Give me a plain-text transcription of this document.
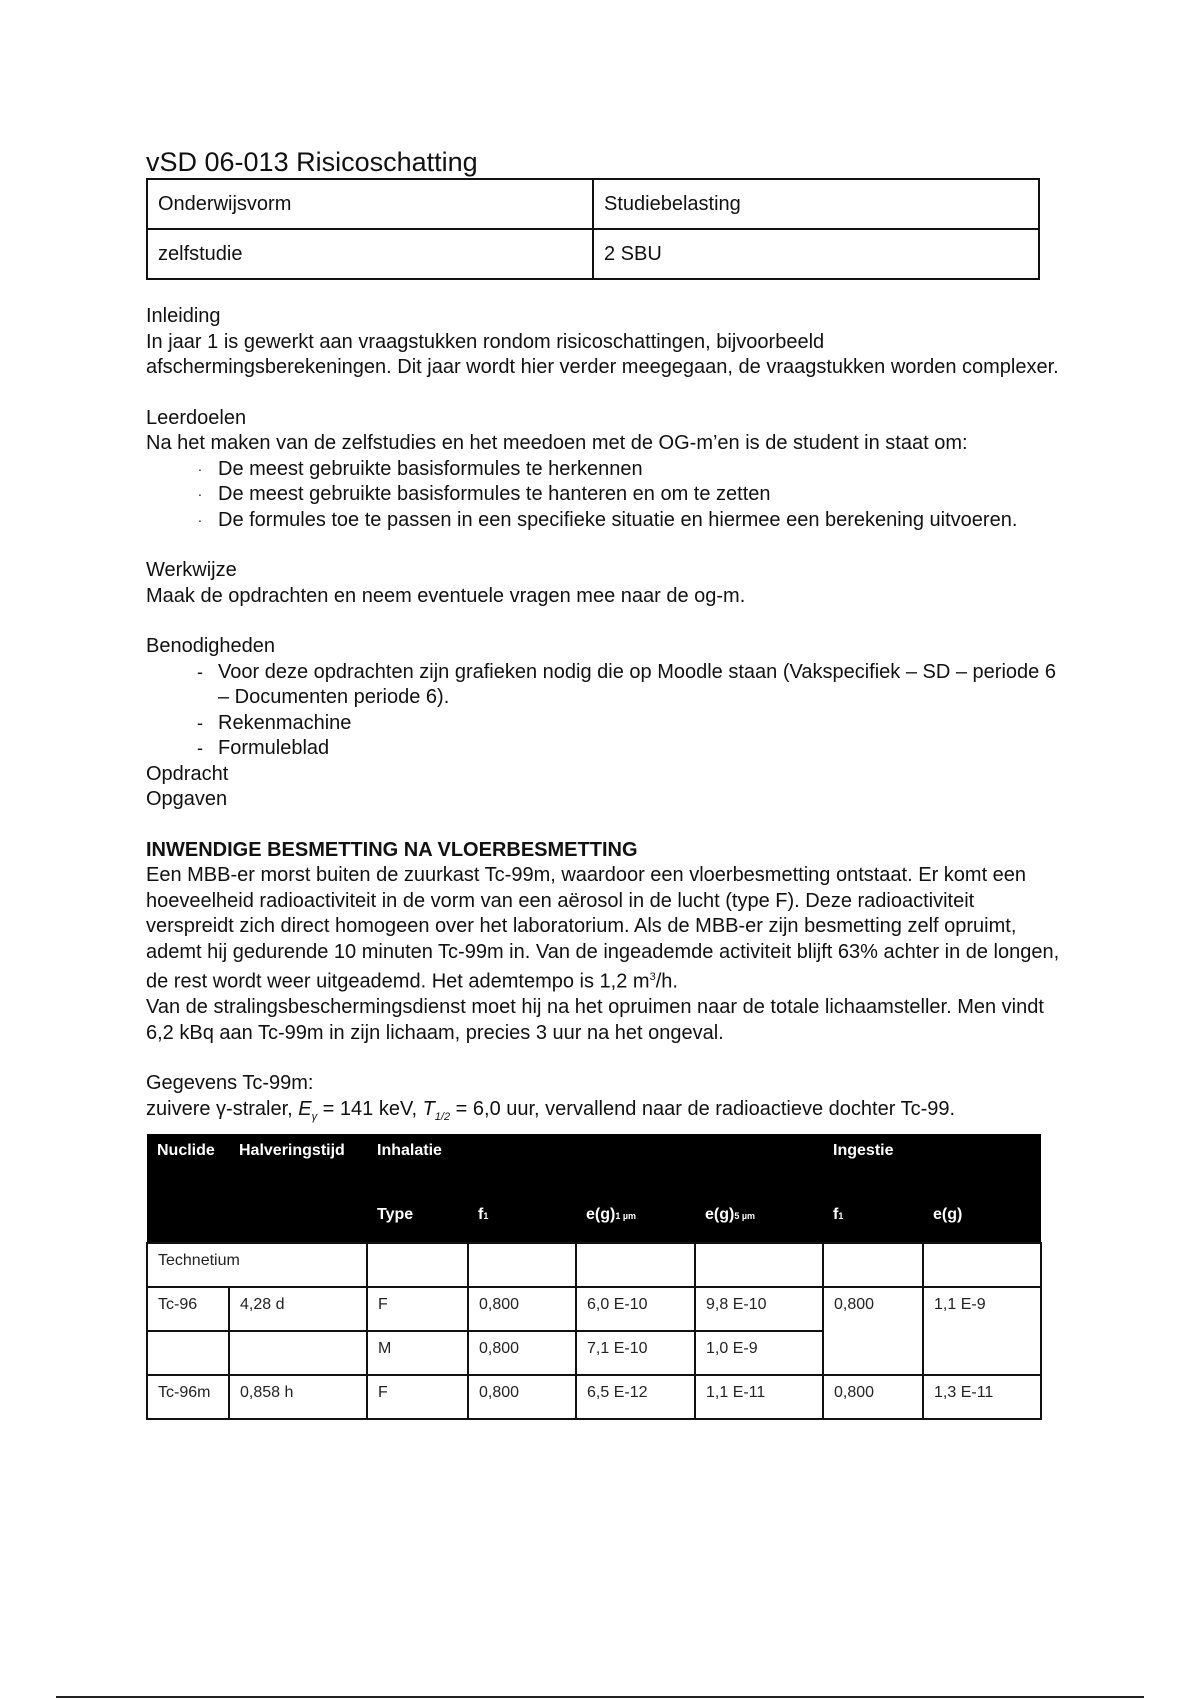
vSD 06-013 Risicoschatting
Onderwijsvorm	Studiebelasting
zelfstudie	2 SBU

Inleiding

In jaar 1 is gewerkt aan vraagstukken rondom risicoschattingen, bijvoorbeeld afschermingsberekeningen. Dit jaar wordt hier verder meegegaan, de vraagstukken worden complexer.

Leerdoelen

Na het maken van de zelfstudies en het meedoen met de OG-m’en is de student in staat om:

· De meest gebruikte basisformules te herkennen
· De meest gebruikte basisformules te hanteren en om te zetten
· De formules toe te passen in een specifieke situatie en hiermee een berekening uitvoeren.

Werkwijze

Maak de opdrachten en neem eventuele vragen mee naar de og-m.

Benodigheden

- Voor deze opdrachten zijn grafieken nodig die op Moodle staan (Vakspecifiek – SD – periode 6 – Documenten periode 6).
- Rekenmachine
- Formuleblad

Opdracht

Opgaven

INWENDIGE BESMETTING NA VLOERBESMETTING

Een MBB-er morst buiten de zuurkast Tc-99m, waardoor een vloerbesmetting ontstaat. Er komt een hoeveelheid radioactiviteit in de vorm van een aërosol in de lucht (type F). Deze radioactiviteit verspreidt zich direct homogeen over het laboratorium. Als de MBB-er zijn besmetting zelf opruimt, ademt hij gedurende 10 minuten Tc-99m in. Van de ingeademde activiteit blijft 63% achter in de longen, de rest wordt weer uitgeademd. Het ademtempo is 1,2 $m^3/h$.

Van de stralingsbeschermingsdienst moet hij na het opruimen naar de totale lichaamsteller. Men vindt 6,2 kBq aan Tc-99m in zijn lichaam, precies 3 uur na het ongeval.

Gegevens Tc-99m:

zuivere γ-straler, $E_\gamma = 141$ keV, $T_{1/2} = 6,0$ uur, vervallend naar de radioactieve dochter Tc-99.

Nuclide	Halveringstijd	Inhalatie				Ingestie	
		Type	f1	e(g)1 µm	e(g)5 µm	f1	e(g)
Technetium							
Tc-96	4,28 d	F	0,800	6,0 E-10	9,8 E-10	0,800	1,1 E-9
		M	0,800	7,1 E-10	1,0 E-9		
Tc-96m	0,858 h	F	0,800	6,5 E-12	1,1 E-11	0,800	1,3 E-11
